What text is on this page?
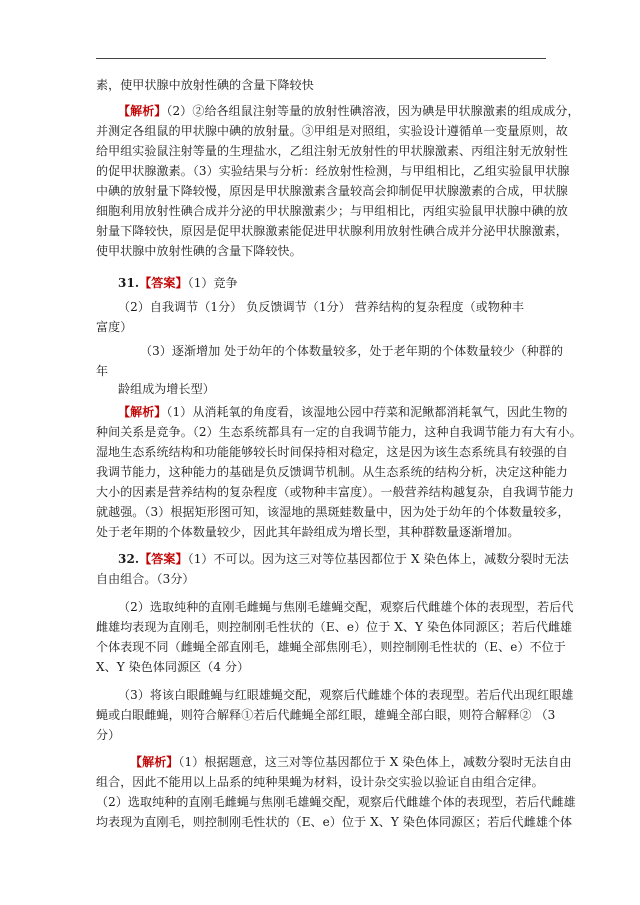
素，使甲状腺中放射性碘的含量下降较快
【解析】（2）②给各组鼠注射等量的放射性碘溶液，因为碘是甲状腺激素的组成成分，
并测定各组鼠的甲状腺中碘的放射量。③甲组是对照组，实验设计遵循单一变量原则，故
给甲组实验鼠注射等量的生理盐水，乙组注射无放射性的甲状腺激素、丙组注射无放射性
的促甲状腺激素。（3）实验结果与分析：经放射性检测，与甲组相比，乙组实验鼠甲状腺
中碘的放射量下降较慢，原因是甲状腺激素含量较高会抑制促甲状腺激素的合成，甲状腺
细胞利用放射性碘合成并分泌的甲状腺激素少；与甲组相比，丙组实验鼠甲状腺中碘的放
射量下降较快，原因是促甲状腺激素能促进甲状腺利用放射性碘合成并分泌甲状腺激素，
使甲状腺中放射性碘的含量下降较快。
31.【答案】（1）竞争
（2）自我调节（1分） 负反馈调节（1分） 营养结构的复杂程度（或物种丰
富度）
（3）逐渐增加 处于幼年的个体数量较多，处于老年期的个体数量较少（种群的
年
龄组成为增长型）
【解析】（1）从消耗氧的角度看，该湿地公园中荇菜和泥鳅都消耗氧气，因此生物的
种间关系是竞争。（2）生态系统都具有一定的自我调节能力，这种自我调节能力有大有小。
湿地生态系统结构和功能能够较长时间保持相对稳定，这是因为该生态系统具有较强的自
我调节能力，这种能力的基础是负反馈调节机制。从生态系统的结构分析，决定这种能力
大小的因素是营养结构的复杂程度（或物种丰富度）。一般营养结构越复杂，自我调节能力
就越强。（3）根据矩形图可知，该湿地的黑斑蛙数量中，因为处于幼年的个体数量较多，
处于老年期的个体数量较少，因此其年龄组成为增长型，其种群数量逐渐增加。
32.【答案】（1）不可以。因为这三对等位基因都位于 X 染色体上，减数分裂时无法
自由组合。（3分）
（2）选取纯种的直刚毛雌蝇与焦刚毛雄蝇交配，观察后代雌雄个体的表现型，若后代
雌雄均表现为直刚毛，则控制刚毛性状的（E、e）位于 X、Y 染色体同源区；若后代雌雄
个体表现不同（雌蝇全部直刚毛，雄蝇全部焦刚毛），则控制刚毛性状的（E、e）不位于
X、Y 染色体同源区（4 分）
（3）将该白眼雌蝇与红眼雄蝇交配，观察后代雌雄个体的表现型。若后代出现红眼雄
蝇或白眼雌蝇，则符合解释①若后代雌蝇全部红眼，雄蝇全部白眼，则符合解释② （3
分）
【解析】（1）根据题意，这三对等位基因都位于 X 染色体上，减数分裂时无法自由
组合，因此不能用以上品系的纯种果蝇为材料，设计杂交实验以验证自由组合定律。
（2）选取纯种的直刚毛雌蝇与焦刚毛雄蝇交配，观察后代雌雄个体的表现型，若后代雌雄
均表现为直刚毛，则控制刚毛性状的（E、e）位于 X、Y 染色体同源区；若后代雌雄个体
